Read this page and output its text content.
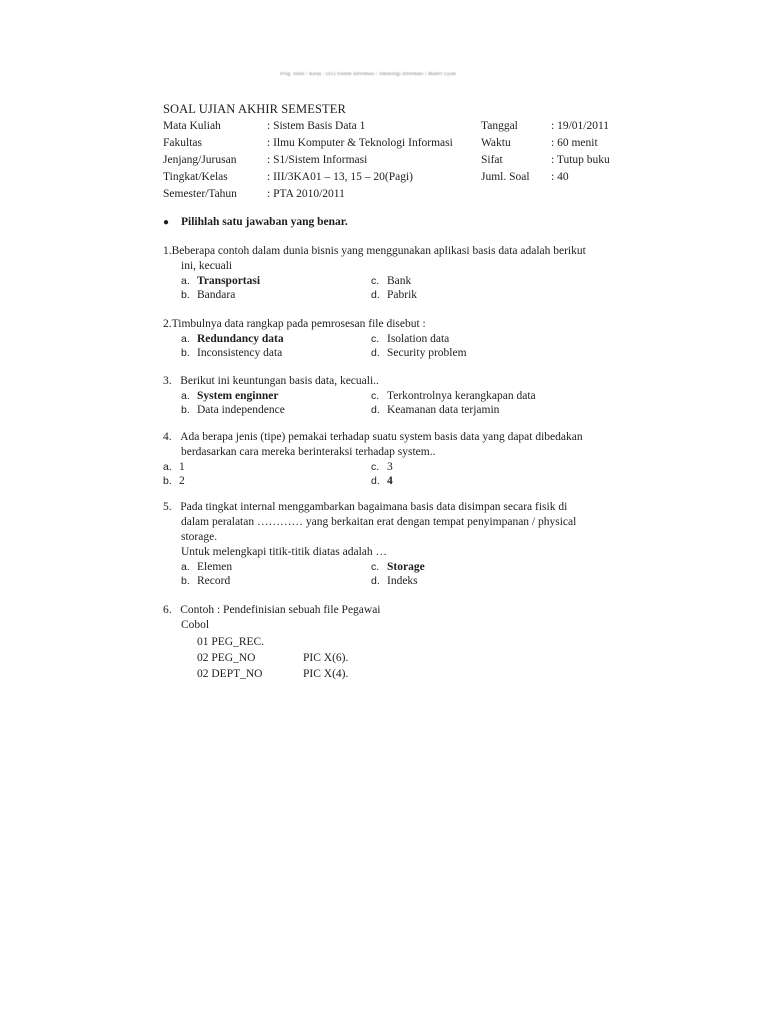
Prog. Studi / Kelas : (S1) Sistem Informasi / Teknologi Informasi / Materi Ujian
SOAL UJIAN AKHIR SEMESTER
Mata Kuliah	: Sistem Basis Data 1	Tanggal	: 19/01/2011
Fakultas	: Ilmu Komputer & Teknologi Informasi Waktu	: 60 menit
Jenjang/Jurusan	: S1/Sistem Informasi	Sifat	: Tutup buku
Tingkat/Kelas	: III/3KA01 – 13, 15 – 20(Pagi)	Juml. Soal : 40
Semester/Tahun	: PTA 2010/2011
● Pilihlah satu jawaban yang benar.

1.Beberapa contoh dalam dunia bisnis yang menggunakan aplikasi basis data adalah berikut

ini, kecuali

a. Transportasi	c. Bank
b. Bandara	d. Pabrik

2.Timbulnya data rangkap pada pemrosesan file disebut :

a. Redundancy data	c. Isolation data
b. Inconsistency data	d. Security problem

3. Berikut ini keuntungan basis data, kecuali..

a. System enginner	c. Terkontrolnya kerangkapan data
b. Data independence	d. Keamanan data terjamin

4. Ada berapa jenis (tipe) pemakai terhadap suatu system basis data yang dapat dibedakan

berdasarkan cara mereka berinteraksi terhadap system..

a. 1	c. 3
b. 2	d. 4

5. Pada tingkat internal menggambarkan bagaimana basis data disimpan secara fisik di

dalam peralatan ………… yang berkaitan erat dengan tempat penyimpanan / physical

storage.

Untuk melengkapi titik-titik diatas adalah …

a. Elemen	c. Storage
b. Record	d. Indeks

6. Contoh : Pendefinisian sebuah file Pegawai

Cobol

01 PEG_REC.
02 PEG_NO	PIC X(6).
02 DEPT_NO	PIC X(4).
